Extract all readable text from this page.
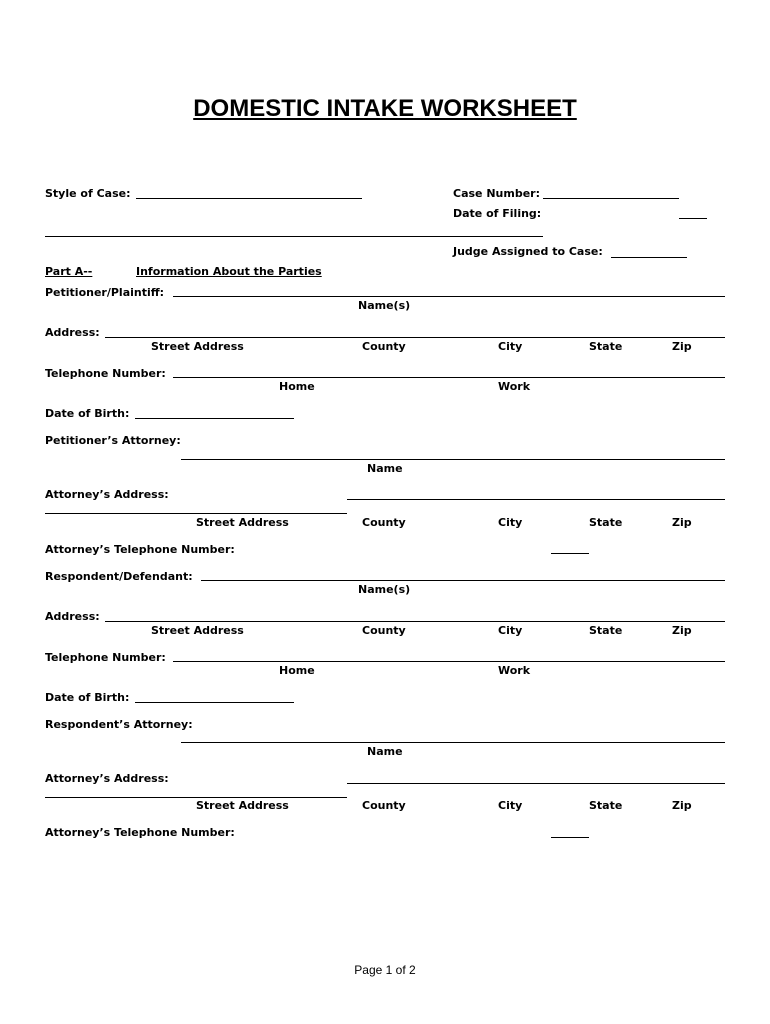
DOMESTIC INTAKE WORKSHEET
Style of Case:	Case Number:
Date of Filing:
Judge Assigned to Case:
Part A--	Information About the Parties
Petitioner/Plaintiff:
Name(s)
Address:
Street Address	County	City	State	Zip
Telephone Number:
Home	Work
Date of Birth:
Petitioner’s Attorney:
Name
Attorney’s Address:
Street Address	County	City	State	Zip
Attorney’s Telephone Number:
Respondent/Defendant:
Name(s)
Address:
Street Address	County	City	State	Zip
Telephone Number:
Home	Work
Date of Birth:
Respondent’s Attorney:
Name
Attorney’s Address:
Street Address	County	City	State	Zip
Attorney’s Telephone Number:
Page 1 of 2
